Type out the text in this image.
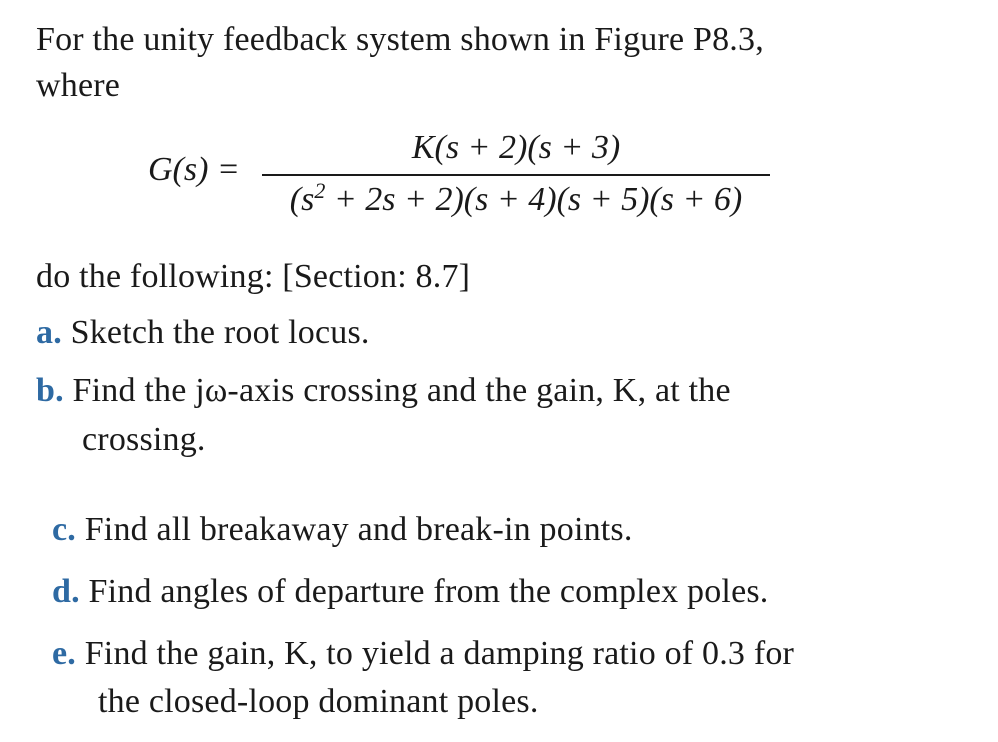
For the unity feedback system shown in Figure P8.3,
where
G(s) =
K(s + 2)(s + 3)
$(s^2 + 2s + 2)(s + 4)(s + 5)(s + 6)$
do the following: [Section: 8.7]
a. Sketch the root locus.
b. Find the jω-axis crossing and the gain, K, at the
crossing.
c. Find all breakaway and break-in points.
d. Find angles of departure from the complex poles.
e. Find the gain, K, to yield a damping ratio of 0.3 for
the closed-loop dominant poles.
